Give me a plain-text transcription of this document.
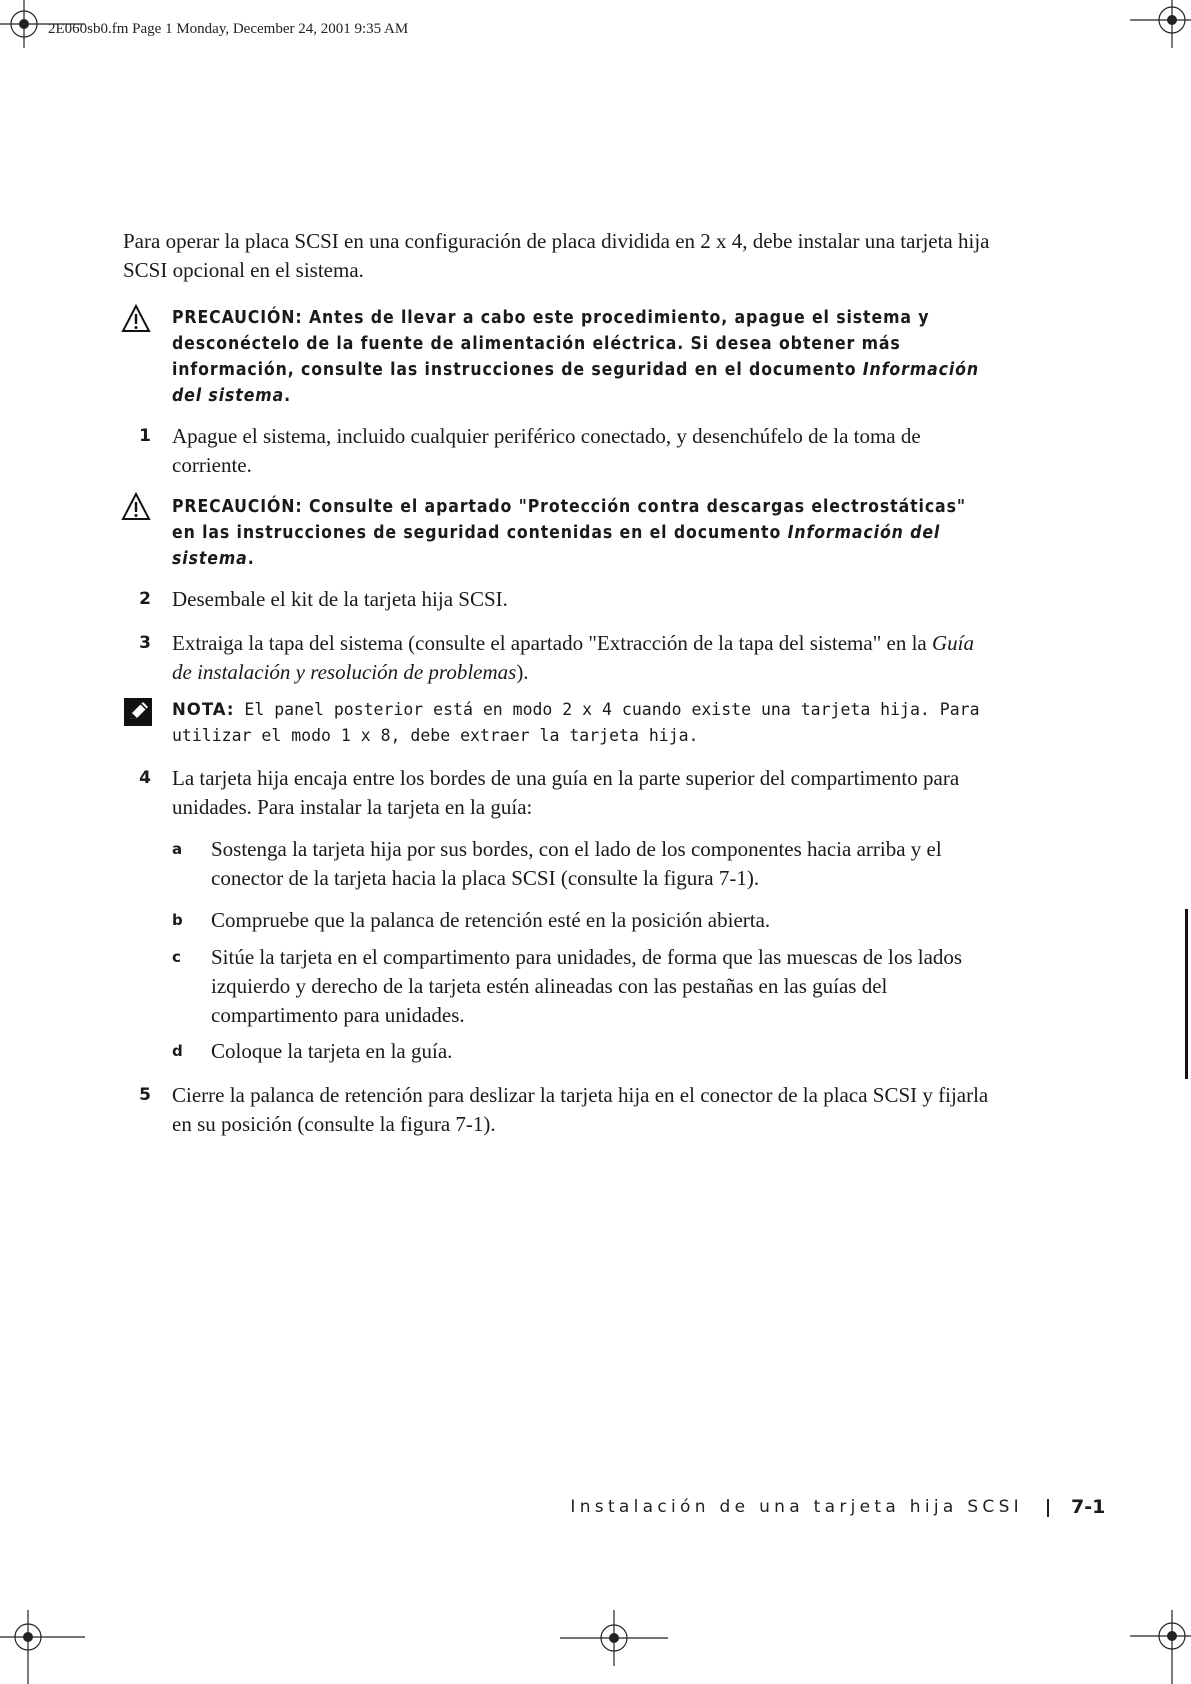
2E060sb0.fm Page 1 Monday, December 24, 2001 9:35 AM
Para operar la placa SCSI en una configuración de placa dividida en 2 x 4, debe instalar una tarjeta hija SCSI opcional en el sistema.
PRECAUCIÓN: Antes de llevar a cabo este procedimiento, apague el sistema y desconéctelo de la fuente de alimentación eléctrica. Si desea obtener más información, consulte las instrucciones de seguridad en el documento Información del sistema.
1 Apague el sistema, incluido cualquier periférico conectado, y desenchúfelo de la toma de corriente.
PRECAUCIÓN: Consulte el apartado "Protección contra descargas electrostáticas" en las instrucciones de seguridad contenidas en el documento Información del sistema.
2 Desembale el kit de la tarjeta hija SCSI.
3 Extraiga la tapa del sistema (consulte el apartado "Extracción de la tapa del sistema" en la Guía de instalación y resolución de problemas).
NOTA: El panel posterior está en modo 2 x 4 cuando existe una tarjeta hija. Para utilizar el modo 1 x 8, debe extraer la tarjeta hija.
4 La tarjeta hija encaja entre los bordes de una guía en la parte superior del compartimento para unidades. Para instalar la tarjeta en la guía:
a Sostenga la tarjeta hija por sus bordes, con el lado de los componentes hacia arriba y el conector de la tarjeta hacia la placa SCSI (consulte la figura 7-1).
b Compruebe que la palanca de retención esté en la posición abierta.
c Sitúe la tarjeta en el compartimento para unidades, de forma que las muescas de los lados izquierdo y derecho de la tarjeta estén alineadas con las pestañas en las guías del compartimento para unidades.
d Coloque la tarjeta en la guía.
5 Cierre la palanca de retención para deslizar la tarjeta hija en el conector de la placa SCSI y fijarla en su posición (consulte la figura 7-1).
Instalación de una tarjeta hija SCSI	7-1
